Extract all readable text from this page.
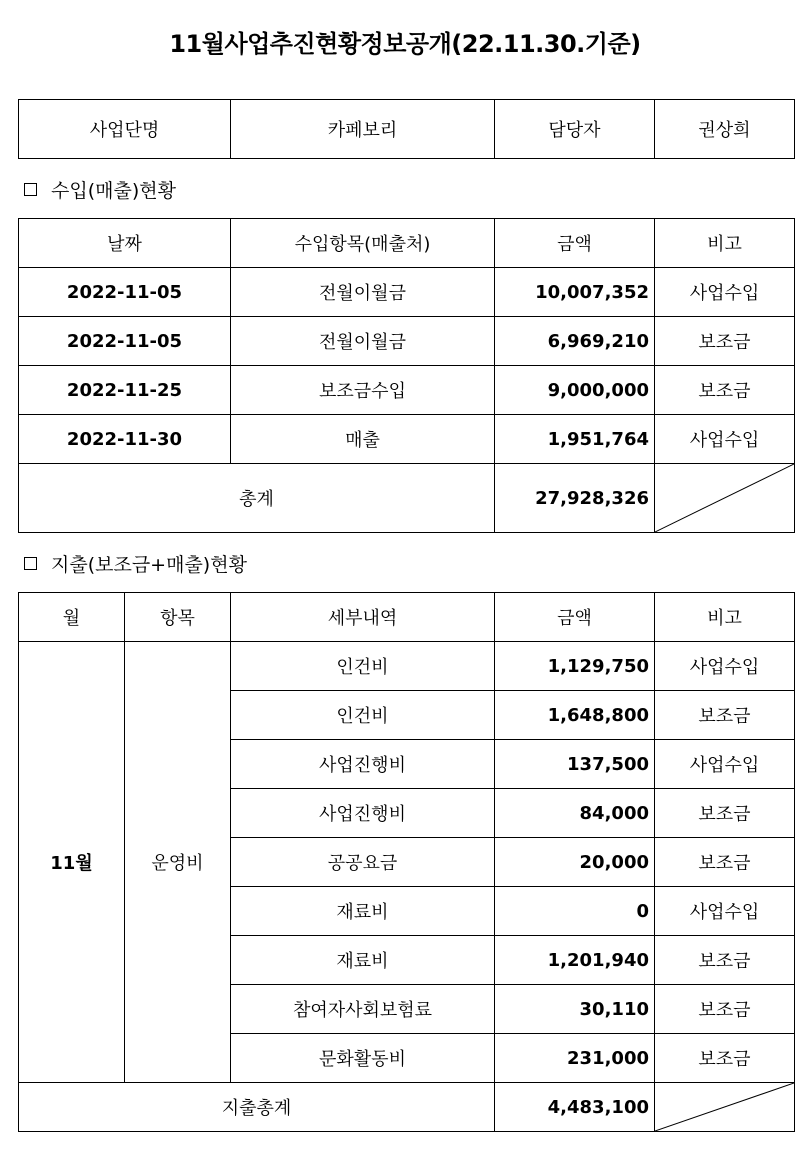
11월사업추진현황정보공개(22.11.30.기준)
사업단명	카페보리	담당자	권상희
수입(매출)현황
날짜	수입항목(매출처)	금액	비고
2022-11-05	전월이월금	10,007,352	사업수입
2022-11-05	전월이월금	6,969,210	보조금
2022-11-25	보조금수입	9,000,000	보조금
2022-11-30	매출	1,951,764	사업수입
총계		27,928,326	
지출(보조금+매출)현황
월	항목	세부내역	금액	비고
11월	운영비	인건비	1,129,750	사업수입
		인건비	1,648,800	보조금
		사업진행비	137,500	사업수입
		사업진행비	84,000	보조금
		공공요금	20,000	보조금
		재료비	0	사업수입
		재료비	1,201,940	보조금
		참여자사회보험료	30,110	보조금
		문화활동비	231,000	보조금
지출총계			4,483,100	
